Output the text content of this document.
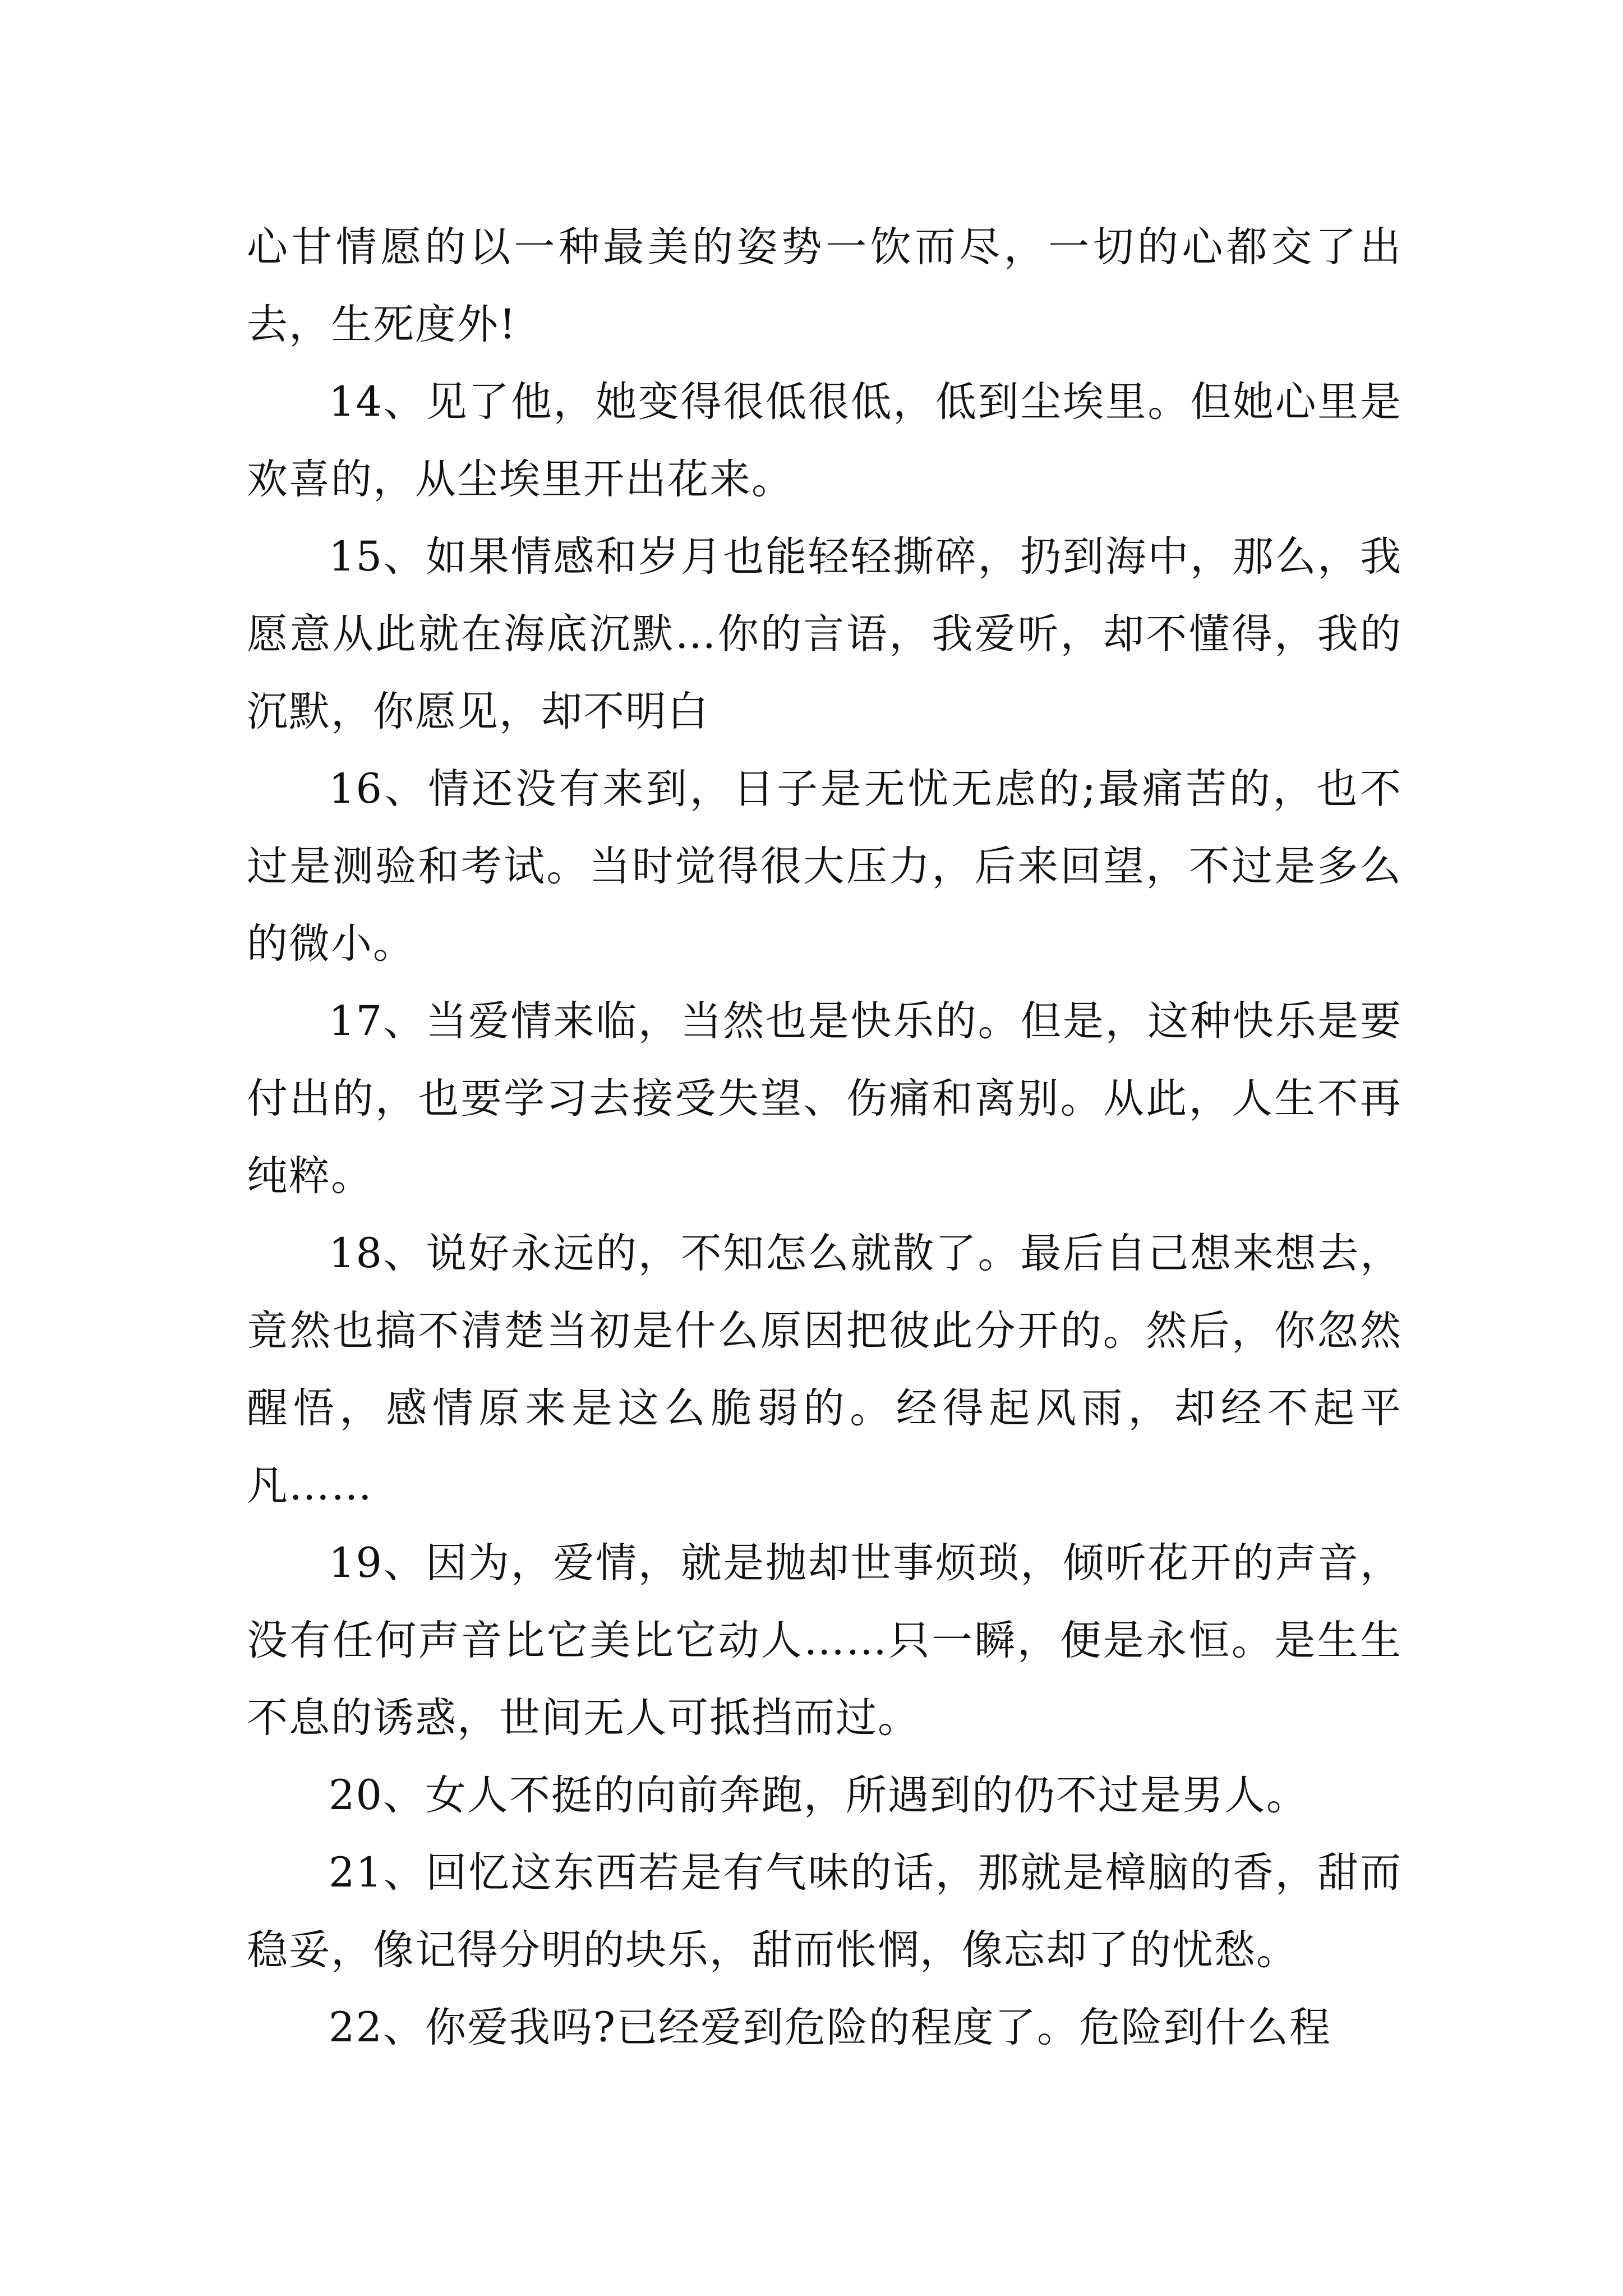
心甘情愿的以一种最美的姿势一饮而尽，一切的心都交了出去，生死度外!

14、见了他，她变得很低很低，低到尘埃里。但她心里是欢喜的，从尘埃里开出花来。

15、如果情感和岁月也能轻轻撕碎，扔到海中，那么，我愿意从此就在海底沉默…你的言语，我爱听，却不懂得，我的沉默，你愿见，却不明白

16、情还没有来到，日子是无忧无虑的;最痛苦的，也不过是测验和考试。当时觉得很大压力，后来回望，不过是多么的微小。

17、当爱情来临，当然也是快乐的。但是，这种快乐是要付出的，也要学习去接受失望、伤痛和离别。从此，人生不再纯粹。

18、说好永远的，不知怎么就散了。最后自己想来想去，竟然也搞不清楚当初是什么原因把彼此分开的。然后，你忽然醒悟，感情原来是这么脆弱的。经得起风雨，却经不起平凡……

19、因为，爱情，就是抛却世事烦琐，倾听花开的声音，没有任何声音比它美比它动人……只一瞬，便是永恒。是生生不息的诱惑，世间无人可抵挡而过。

20、女人不挺的向前奔跑，所遇到的仍不过是男人。

21、回忆这东西若是有气味的话，那就是樟脑的香，甜而稳妥，像记得分明的块乐，甜而怅惘，像忘却了的忧愁。

22、你爱我吗?已经爱到危险的程度了。危险到什么程
